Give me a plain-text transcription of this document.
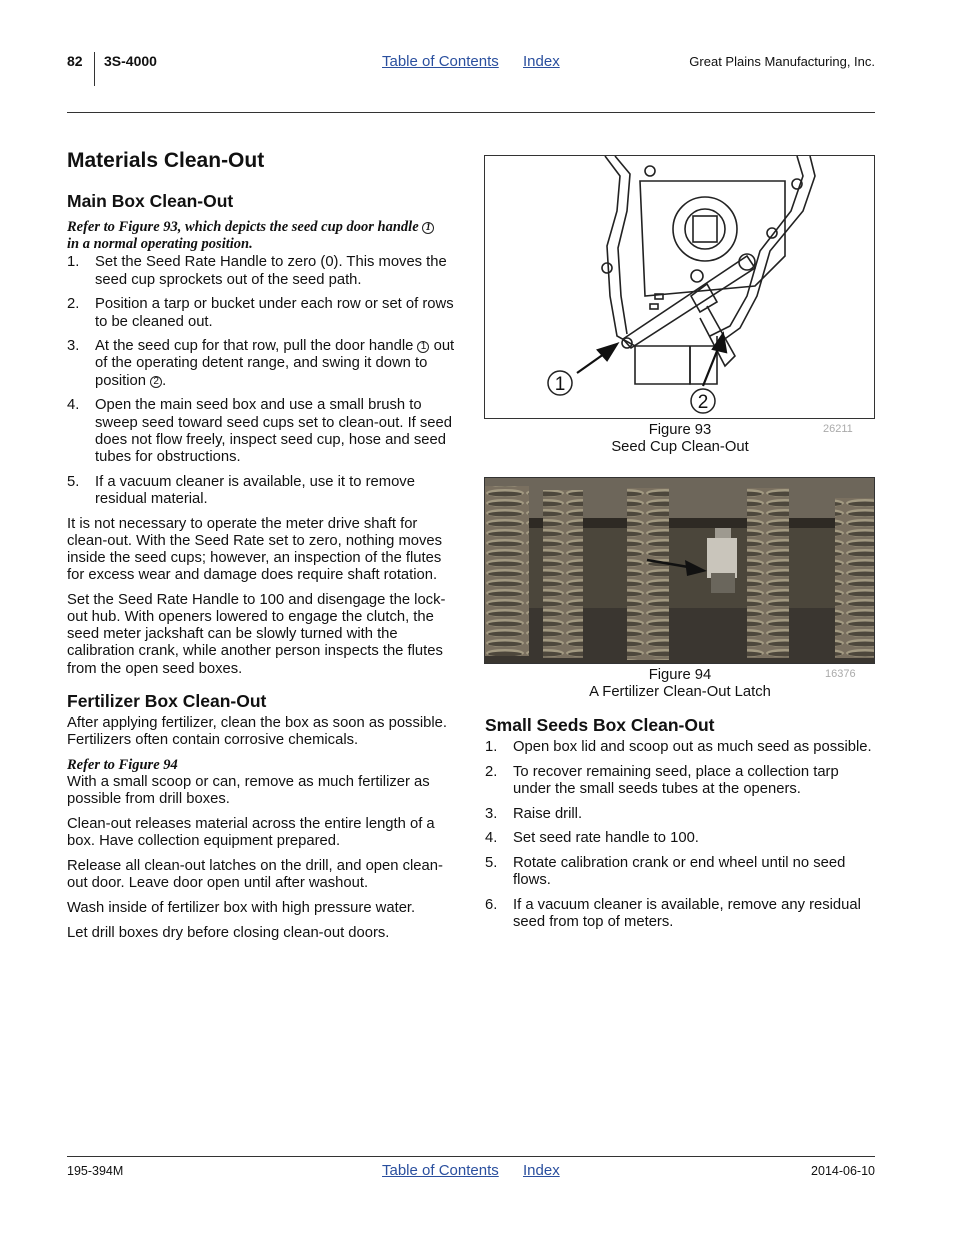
82 3S-4000	Table of Contents Index	Great Plains Manufacturing, Inc.
Materials Clean-Out
Main Box Clean-Out

Refer to Figure 93, which depicts the seed cup door handle 1
in a normal operating position.

1. Set the Seed Rate Handle to zero (0). This moves the seed cup sprockets out of the seed path.
2. Position a tarp or bucket under each row or set of rows to be cleaned out.
3. At the seed cup for that row, pull the door handle 1 out of the operating detent range, and swing it down to position 2 .
4. Open the main seed box and use a small brush to sweep seed toward seed cups set to clean-out. If seed does not flow freely, inspect seed cup, hose and seed tubes for obstructions.
5. If a vacuum cleaner is available, use it to remove residual material.

It is not necessary to operate the meter drive shaft for clean-out. With the Seed Rate set to zero, nothing moves inside the seed cups; however, an inspection of the flutes for excess wear and damage does require shaft rotation.

Set the Seed Rate Handle to 100 and disengage the lock-out hub. With openers lowered to engage the clutch, the seed meter jackshaft can be slowly turned with the calibration crank, while another person inspects the flutes from the open seed boxes.

Fertilizer Box Clean-Out

After applying fertilizer, clean the box as soon as possible. Fertilizers often contain corrosive chemicals.

Refer to Figure 94

With a small scoop or can, remove as much fertilizer as possible from drill boxes.

Clean-out releases material across the entire length of a box. Have collection equipment prepared.

Release all clean-out latches on the drill, and open clean-out door. Leave door open until after washout.

Wash inside of fertilizer box with high pressure water.

Let drill boxes dry before closing clean-out doors.

1
2
Figure 93
Seed Cup Clean-Out
26211
Figure 94
A Fertilizer Clean-Out Latch
16376
Small Seeds Box Clean-Out
1. Open box lid and scoop out as much seed as possible.
2. To recover remaining seed, place a collection tarp under the small seeds tubes at the openers.
3. Raise drill.
4. Set seed rate handle to 100.
5. Rotate calibration crank or end wheel until no seed flows.
6. If a vacuum cleaner is available, remove any residual seed from top of meters.
195-394M	Table of Contents Index	2014-06-10
